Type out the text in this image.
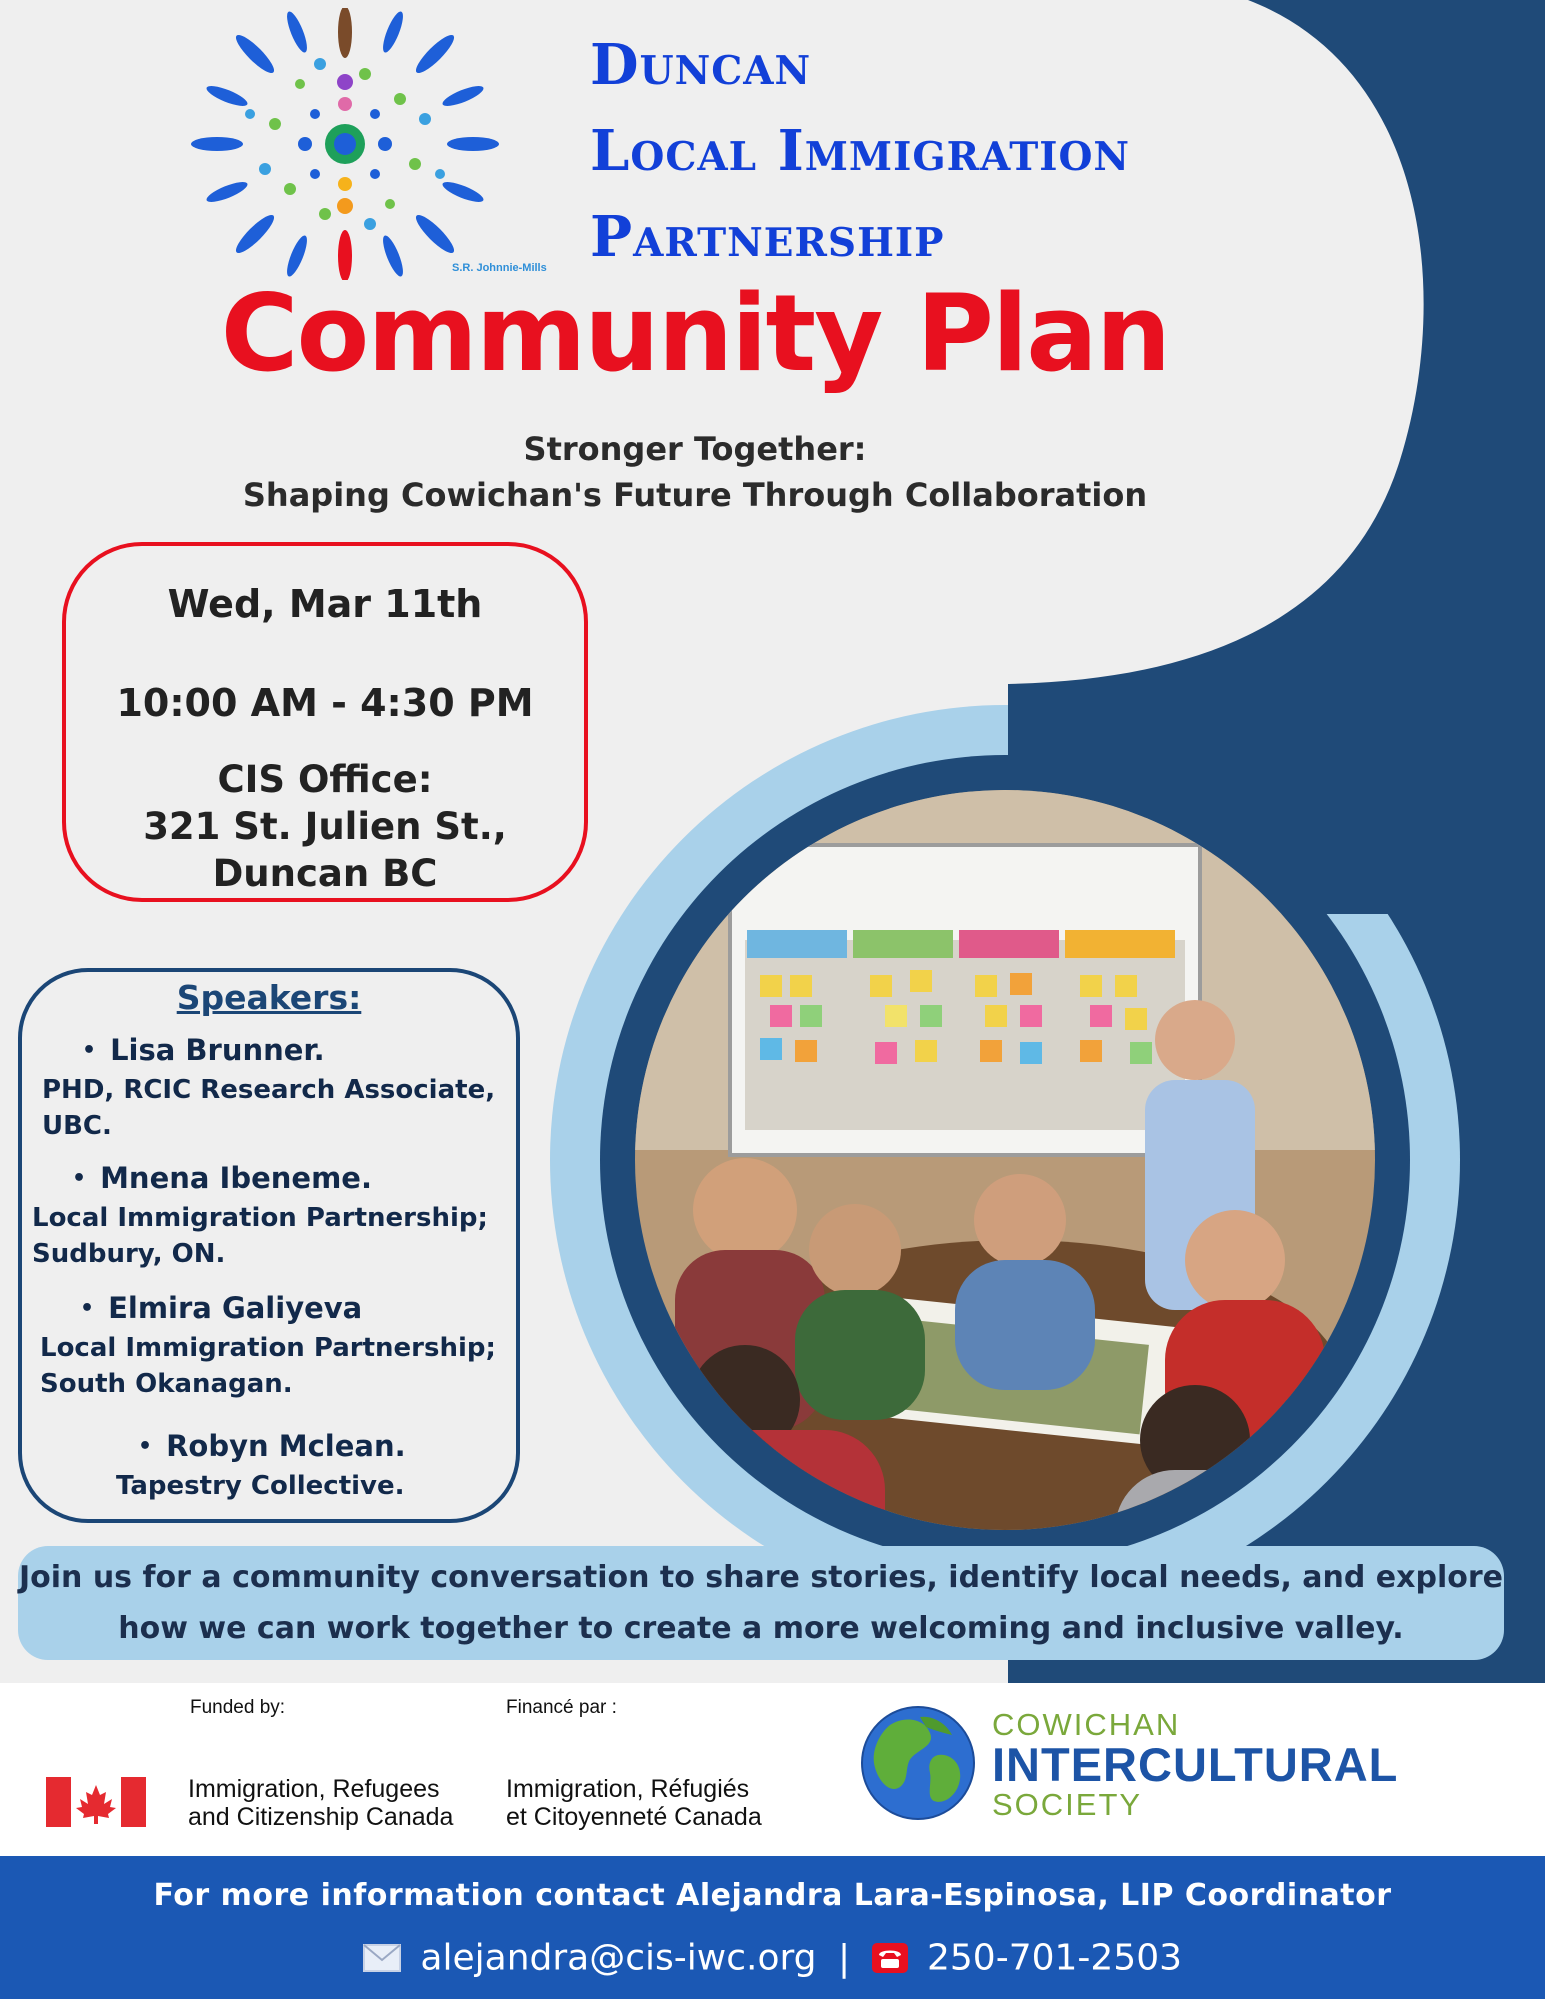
Duncan
Local Immigration
Partnership
S.R. Johnnie-Mills
Community Plan
Stronger Together:
Shaping Cowichan's Future Through Collaboration
Wed, Mar 11th
10:00 AM - 4:30 PM
CIS Office:
321 St. Julien St.,
Duncan BC
Speakers:
• Lisa Brunner.
PHD, RCIC Research Associate,
UBC.
• Mnena Ibeneme.
Local Immigration Partnership;
Sudbury, ON.
• Elmira Galiyeva
Local Immigration Partnership;
South Okanagan.
• Robyn Mclean.
Tapestry Collective.
Join us for a community conversation to share stories, identify local needs, and explore
how we can work together to create a more welcoming and inclusive valley.
Funded by:	Financé par :
Immigration, Refugees
and Citizenship Canada
Immigration, Réfugiés
et Citoyenneté Canada
COWICHAN
INTERCULTURAL
SOCIETY
For more information contact Alejandra Lara-Espinosa, LIP Coordinator
alejandra@cis-iwc.org | 250-701-2503
